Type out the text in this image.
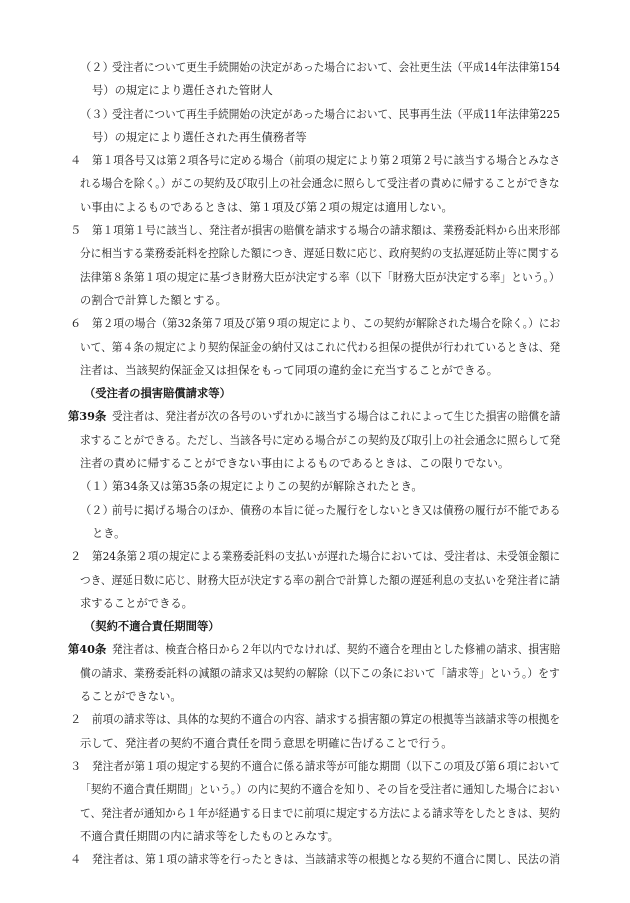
（２）
受注者について更生手続開始の決定があった場合において、会社更生法（平成14年法律第154
号）の規定により選任された管財人
（３）
受注者について再生手続開始の決定があった場合において、民事再生法（平成11年法律第225
号）の規定により選任された再生債務者等
４ 第１項各号又は第２項各号に定める場合（前項の規定により第２項第２号に該当する場合とみなさ
れる場合を除く。）がこの契約及び取引上の社会通念に照らして受注者の責めに帰することができな
い事由によるものであるときは、第１項及び第２項の規定は適用しない。
５ 第１項第１号に該当し、発注者が損害の賠償を請求する場合の請求額は、業務委託料から出来形部
分に相当する業務委託料を控除した額につき、遅延日数に応じ、政府契約の支払遅延防止等に関する
法律第８条第１項の規定に基づき財務大臣が決定する率（以下「財務大臣が決定する率」という。）
の割合で計算した額とする。
６ 第２項の場合（第32条第７項及び第９項の規定により、この契約が解除された場合を除く。）にお
いて、第４条の規定により契約保証金の納付又はこれに代わる担保の提供が行われているときは、発
注者は、当該契約保証金又は担保をもって同項の違約金に充当することができる。
（受注者の損害賠償請求等）
第39条 受注者は、発注者が次の各号のいずれかに該当する場合はこれによって生じた損害の賠償を請
求することができる。ただし、当該各号に定める場合がこの契約及び取引上の社会通念に照らして発
注者の責めに帰することができない事由によるものであるときは、この限りでない。
（１）
第34条又は第35条の規定によりこの契約が解除されたとき。
（２）
前号に掲げる場合のほか、債務の本旨に従った履行をしないとき又は債務の履行が不能である
とき。
２ 第24条第２項の規定による業務委託料の支払いが遅れた場合においては、受注者は、未受領金額に
つき、遅延日数に応じ、財務大臣が決定する率の割合で計算した額の遅延利息の支払いを発注者に請
求することができる。
（契約不適合責任期間等）
第40条 発注者は、検査合格日から２年以内でなければ、契約不適合を理由とした修補の請求、損害賠
償の請求、業務委託料の減額の請求又は契約の解除（以下この条において「請求等」という。）をす
ることができない。
２ 前項の請求等は、具体的な契約不適合の内容、請求する損害額の算定の根拠等当該請求等の根拠を
示して、発注者の契約不適合責任を問う意思を明確に告げることで行う。
３ 発注者が第１項の規定する契約不適合に係る請求等が可能な期間（以下この項及び第６項において
「契約不適合責任期間」という。）の内に契約不適合を知り、その旨を受注者に通知した場合におい
て、発注者が通知から１年が経過する日までに前項に規定する方法による請求等をしたときは、契約
不適合責任期間の内に請求等をしたものとみなす。
４ 発注者は、第１項の請求等を行ったときは、当該請求等の根拠となる契約不適合に関し、民法の消
